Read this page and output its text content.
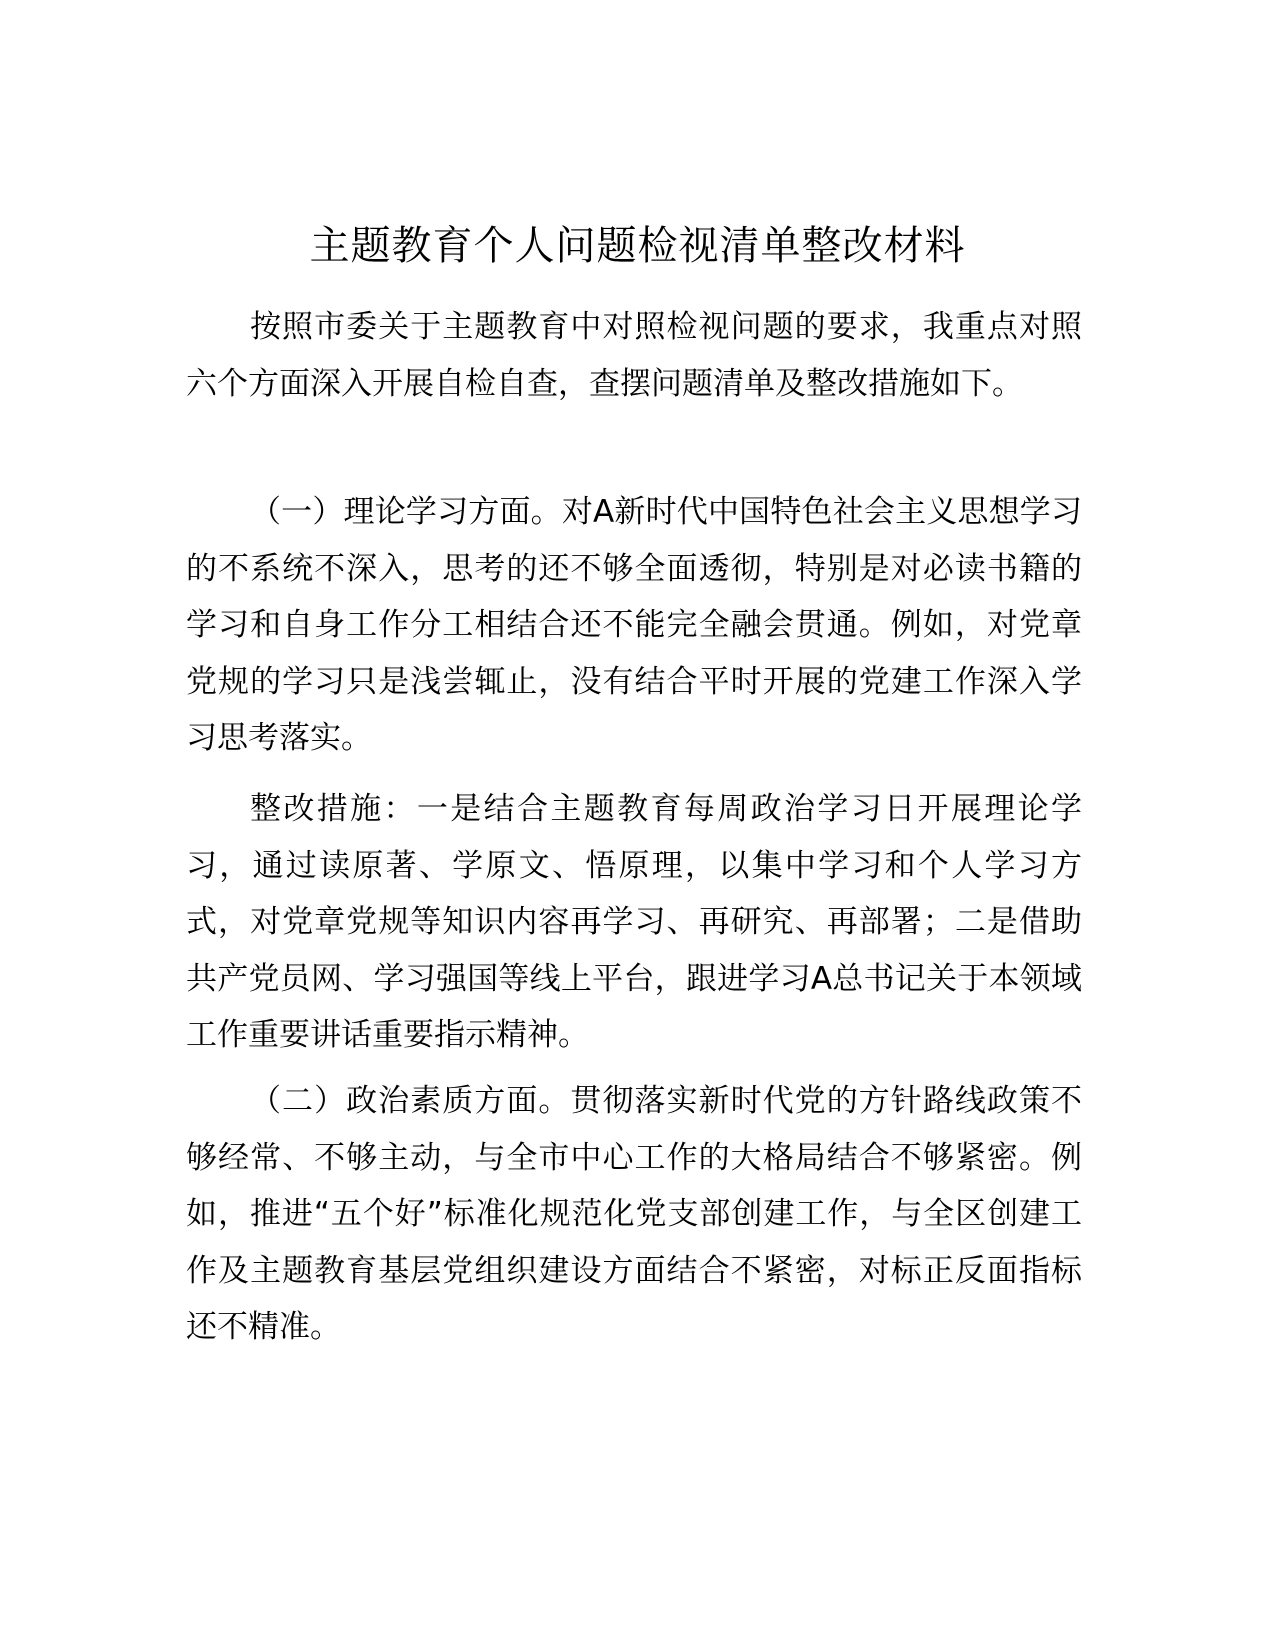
主题教育个人问题检视清单整改材料

按照市委关于主题教育中对照检视问题的要求，我重点对照六个方面深入开展自检自查，查摆问题清单及整改措施如下。

（一）理论学习方面。对A新时代中国特色社会主义思想学习的不系统不深入，思考的还不够全面透彻，特别是对必读书籍的学习和自身工作分工相结合还不能完全融会贯通。例如，对党章党规的学习只是浅尝辄止，没有结合平时开展的党建工作深入学习思考落实。

整改措施：一是结合主题教育每周政治学习日开展理论学习，通过读原著、学原文、悟原理，以集中学习和个人学习方式，对党章党规等知识内容再学习、再研究、再部署；二是借助共产党员网、学习强国等线上平台，跟进学习A总书记关于本领域工作重要讲话重要指示精神。

（二）政治素质方面。贯彻落实新时代党的方针路线政策不够经常、不够主动，与全市中心工作的大格局结合不够紧密。例如，推进“五个好”标准化规范化党支部创建工作，与全区创建工作及主题教育基层党组织建设方面结合不紧密，对标正反面指标还不精准。
